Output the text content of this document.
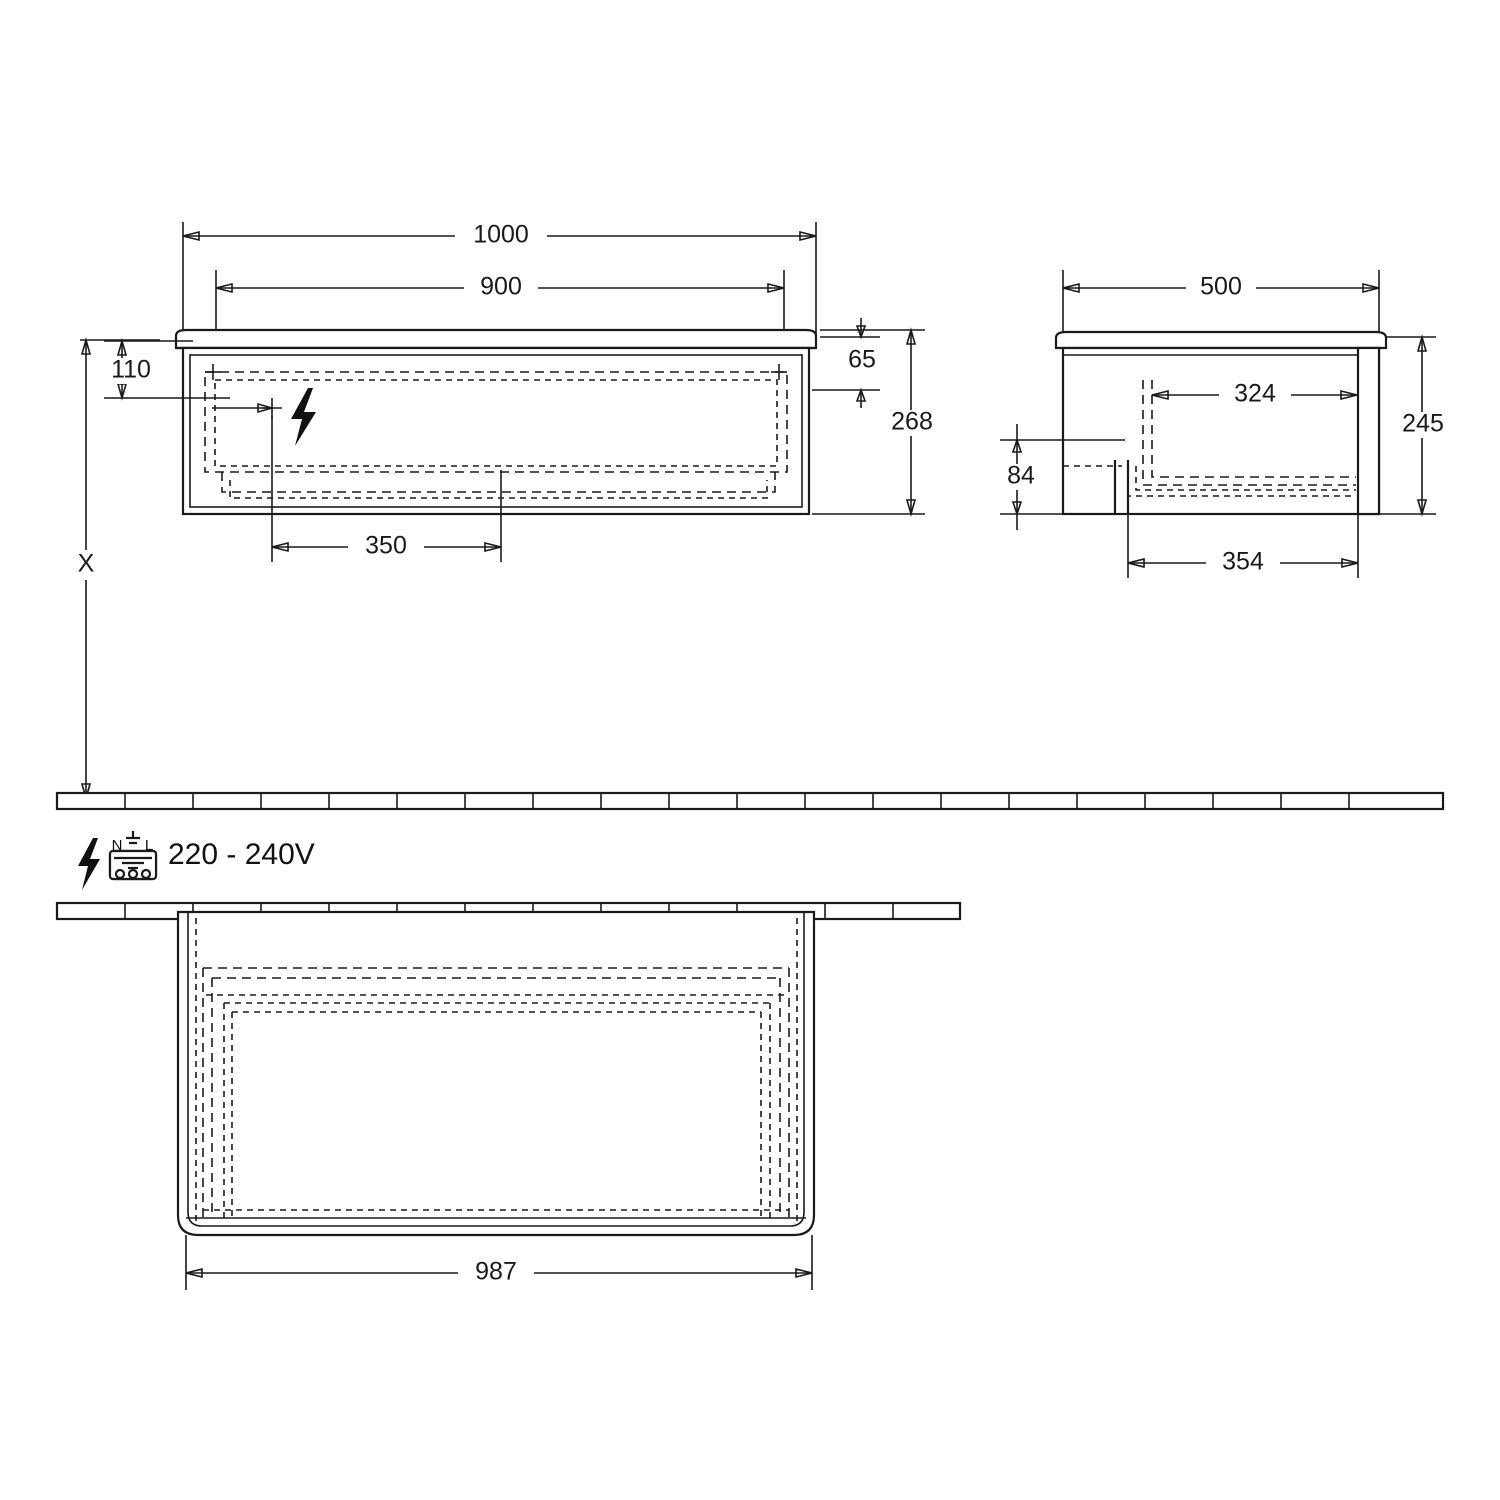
1000
900
110	65
268
350
X
500
324
245
84
354
987
N L 220 - 240V
